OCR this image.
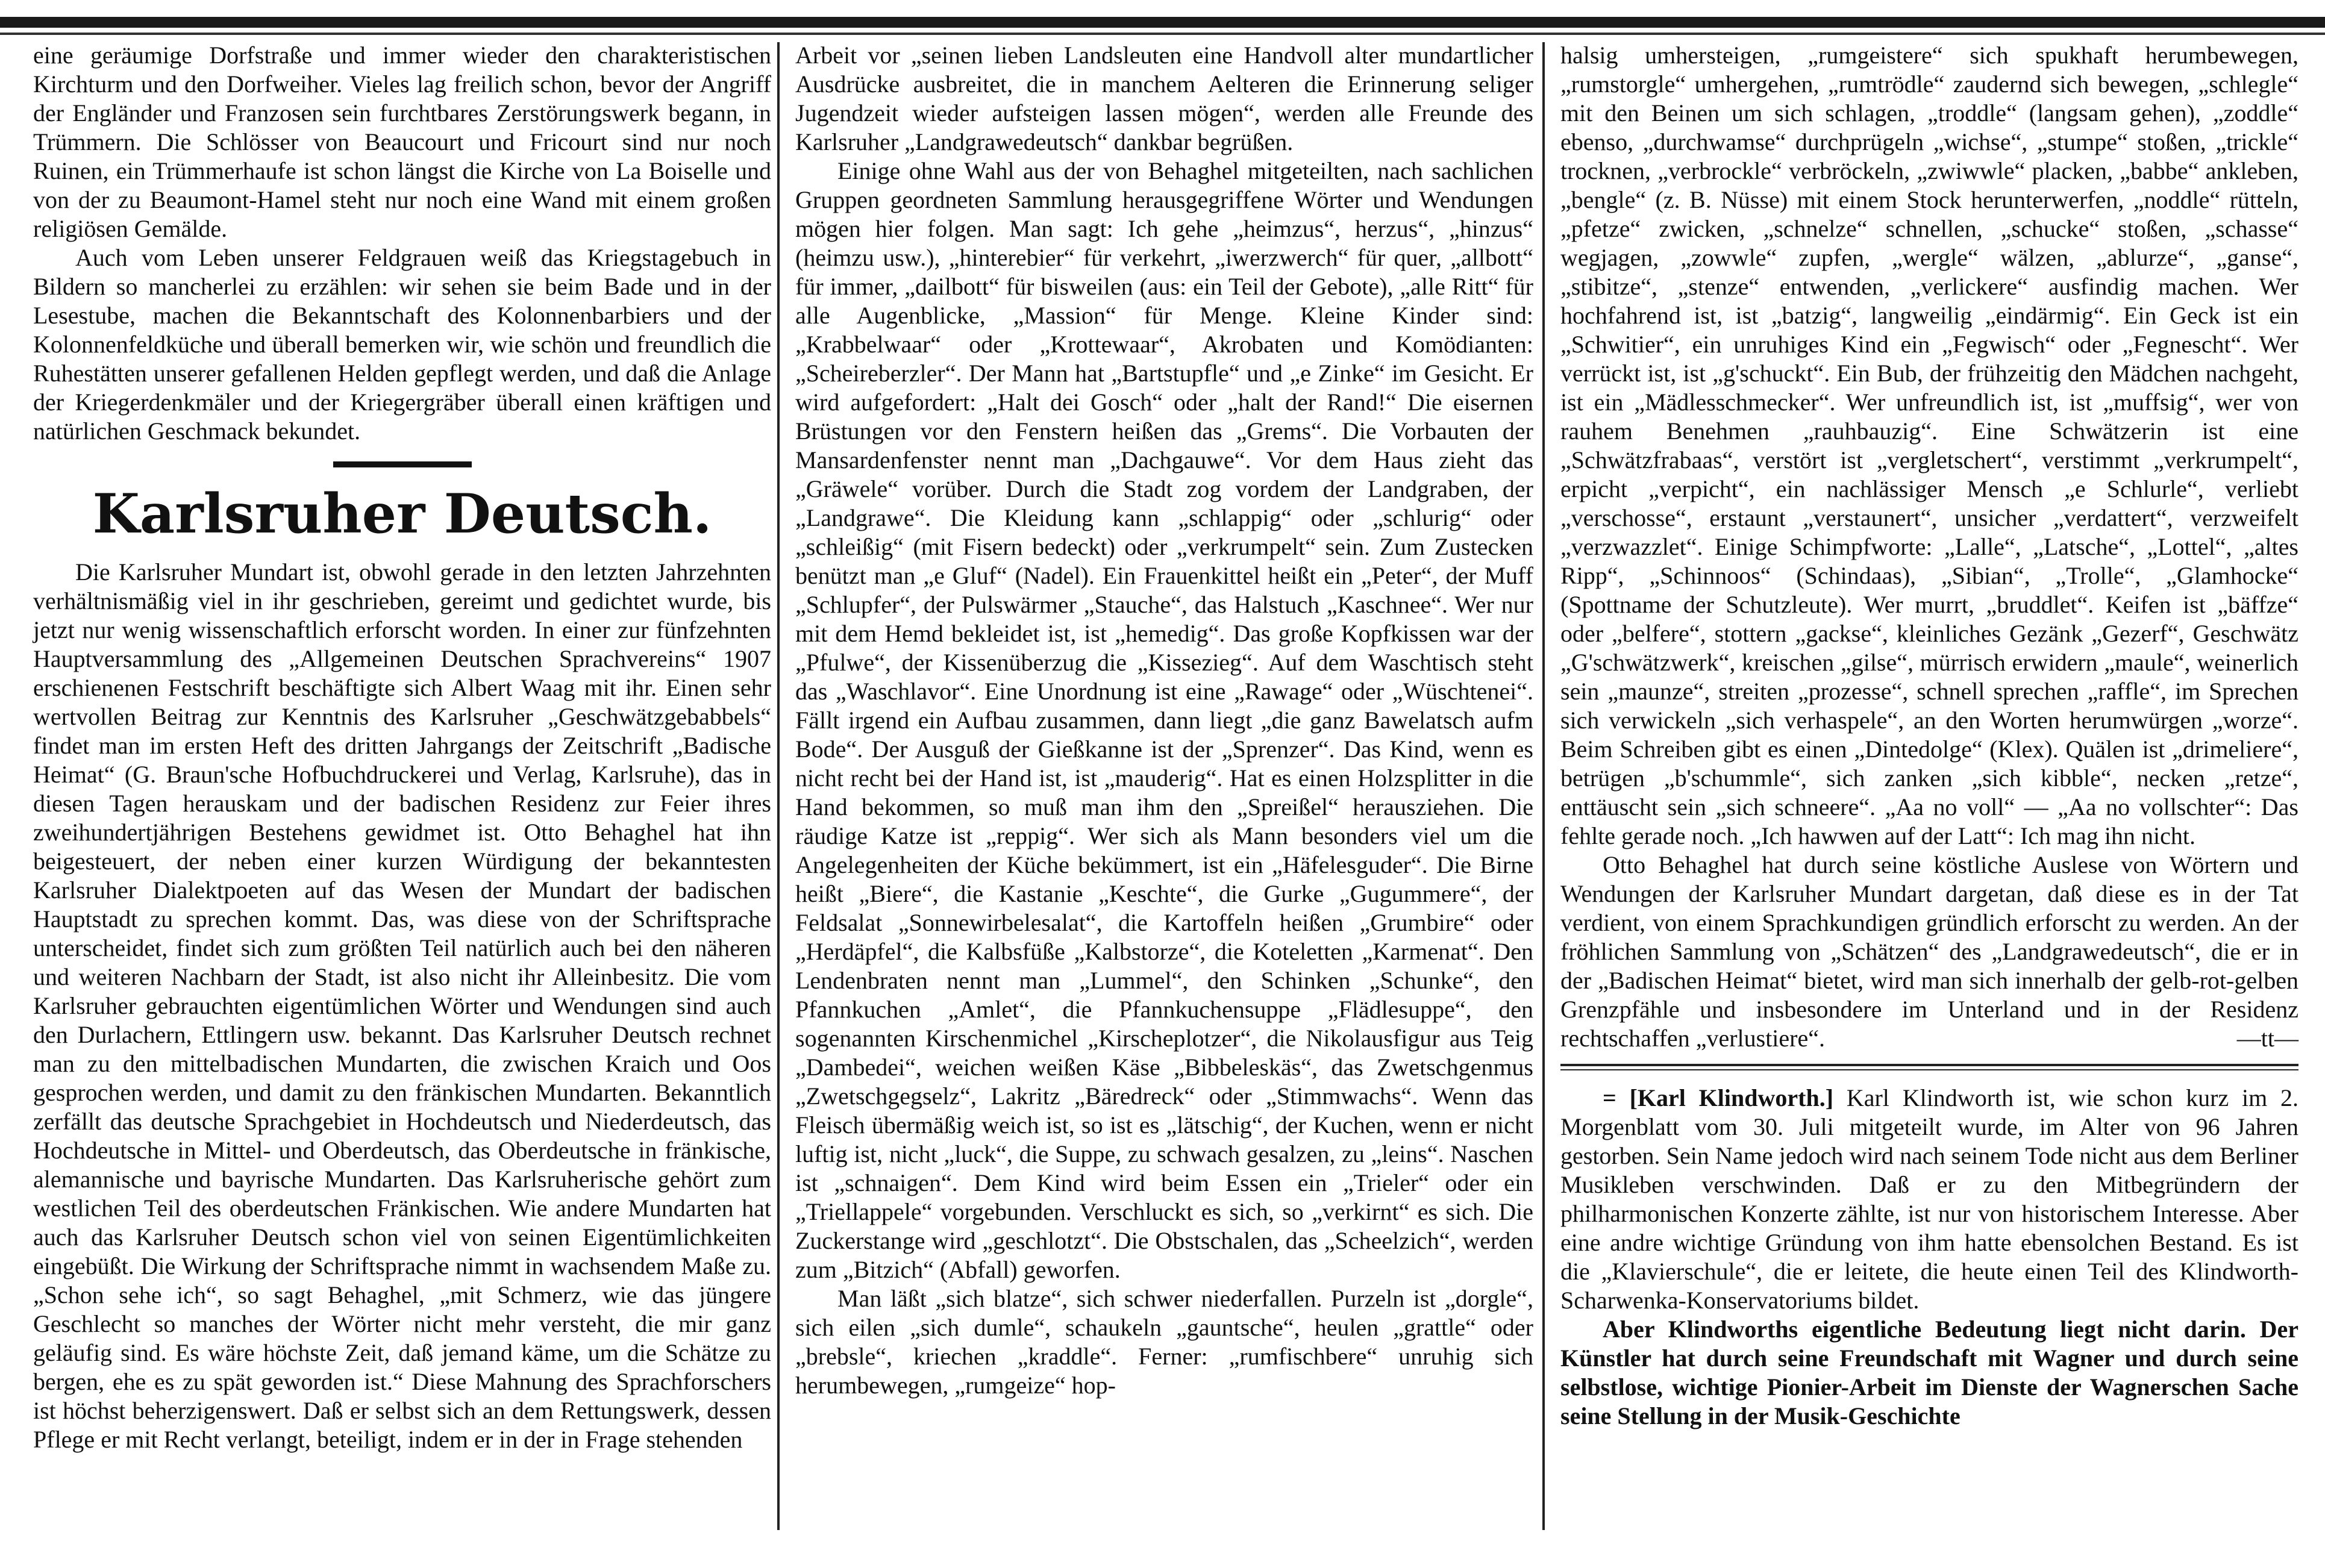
eine geräumige Dorfstraße und immer wieder den charakteristischen Kirchturm und den Dorfweiher. Vieles lag freilich schon, bevor der Angriff der Engländer und Franzosen sein furchtbares Zerstörungswerk begann, in Trümmern. Die Schlösser von Beaucourt und Fricourt sind nur noch Ruinen, ein Trümmerhaufe ist schon längst die Kirche von La Boiselle und von der zu Beaumont-Hamel steht nur noch eine Wand mit einem großen religiösen Gemälde.

Auch vom Leben unserer Feldgrauen weiß das Kriegstagebuch in Bildern so mancherlei zu erzählen: wir sehen sie beim Bade und in der Lesestube, machen die Bekanntschaft des Kolonnenbarbiers und der Kolonnenfeldküche und überall bemerken wir, wie schön und freundlich die Ruhestätten unserer gefallenen Helden gepflegt werden, und daß die Anlage der Kriegerdenkmäler und der Kriegergräber überall einen kräftigen und natürlichen Geschmack bekundet.

Karlsruher Deutsch.

Die Karlsruher Mundart ist, obwohl gerade in den letzten Jahrzehnten verhältnismäßig viel in ihr geschrieben, gereimt und gedichtet wurde, bis jetzt nur wenig wissenschaftlich erforscht worden. In einer zur fünfzehnten Hauptversammlung des „Allgemeinen Deutschen Sprachvereins“ 1907 erschienenen Festschrift beschäftigte sich Albert Waag mit ihr. Einen sehr wertvollen Beitrag zur Kenntnis des Karlsruher „Geschwätzgebabbels“ findet man im ersten Heft des dritten Jahrgangs der Zeitschrift „Badische Heimat“ (G. Braun'sche Hofbuchdruckerei und Verlag, Karlsruhe), das in diesen Tagen herauskam und der badischen Residenz zur Feier ihres zweihundertjährigen Bestehens gewidmet ist. Otto Behaghel hat ihn beigesteuert, der neben einer kurzen Würdigung der bekanntesten Karlsruher Dialektpoeten auf das Wesen der Mundart der badischen Hauptstadt zu sprechen kommt. Das, was diese von der Schriftsprache unterscheidet, findet sich zum größten Teil natürlich auch bei den näheren und weiteren Nachbarn der Stadt, ist also nicht ihr Alleinbesitz. Die vom Karlsruher gebrauchten eigentümlichen Wörter und Wendungen sind auch den Durlachern, Ettlingern usw. bekannt. Das Karlsruher Deutsch rechnet man zu den mittelbadischen Mundarten, die zwischen Kraich und Oos gesprochen werden, und damit zu den fränkischen Mundarten. Bekanntlich zerfällt das deutsche Sprachgebiet in Hochdeutsch und Niederdeutsch, das Hochdeutsche in Mittel- und Oberdeutsch, das Oberdeutsche in fränkische, alemannische und bayrische Mundarten. Das Karlsruherische gehört zum westlichen Teil des oberdeutschen Fränkischen. Wie andere Mundarten hat auch das Karlsruher Deutsch schon viel von seinen Eigentümlichkeiten eingebüßt. Die Wirkung der Schriftsprache nimmt in wachsendem Maße zu. „Schon sehe ich“, so sagt Behaghel, „mit Schmerz, wie das jüngere Geschlecht so manches der Wörter nicht mehr versteht, die mir ganz geläufig sind. Es wäre höchste Zeit, daß jemand käme, um die Schätze zu bergen, ehe es zu spät geworden ist.“ Diese Mahnung des Sprachforschers ist höchst beherzigenswert. Daß er selbst sich an dem Rettungswerk, dessen Pflege er mit Recht verlangt, beteiligt, indem er in der in Frage stehenden

Arbeit vor „seinen lieben Landsleuten eine Handvoll alter mundartlicher Ausdrücke ausbreitet, die in manchem Aelteren die Erinnerung seliger Jugendzeit wieder aufsteigen lassen mögen“, werden alle Freunde des Karlsruher „Landgrawedeutsch“ dankbar begrüßen.

Einige ohne Wahl aus der von Behaghel mitgeteilten, nach sachlichen Gruppen geordneten Sammlung herausgegriffene Wörter und Wendungen mögen hier folgen. Man sagt: Ich gehe „heimzus“, herzus“, „hinzus“ (heimzu usw.), „hinterebier“ für verkehrt, „iwerzwerch“ für quer, „allbott“ für immer, „dailbott“ für bisweilen (aus: ein Teil der Gebote), „alle Ritt“ für alle Augenblicke, „Massion“ für Menge. Kleine Kinder sind: „Krabbelwaar“ oder „Krottewaar“, Akrobaten und Komödianten: „Scheireberzler“. Der Mann hat „Bartstupfle“ und „e Zinke“ im Gesicht. Er wird aufgefordert: „Halt dei Gosch“ oder „halt der Rand!“ Die eisernen Brüstungen vor den Fenstern heißen das „Grems“. Die Vorbauten der Mansardenfenster nennt man „Dachgauwe“. Vor dem Haus zieht das „Gräwele“ vorüber. Durch die Stadt zog vordem der Landgraben, der „Landgrawe“. Die Kleidung kann „schlappig“ oder „schlurig“ oder „schleißig“ (mit Fisern bedeckt) oder „verkrumpelt“ sein. Zum Zustecken benützt man „e Gluf“ (Nadel). Ein Frauenkittel heißt ein „Peter“, der Muff „Schlupfer“, der Pulswärmer „Stauche“, das Halstuch „Kaschnee“. Wer nur mit dem Hemd bekleidet ist, ist „hemedig“. Das große Kopfkissen war der „Pfulwe“, der Kissenüberzug die „Kissezieg“. Auf dem Waschtisch steht das „Waschlavor“. Eine Unordnung ist eine „Rawage“ oder „Wüschtenei“. Fällt irgend ein Aufbau zusammen, dann liegt „die ganz Bawelatsch aufm Bode“. Der Ausguß der Gießkanne ist der „Sprenzer“. Das Kind, wenn es nicht recht bei der Hand ist, ist „mauderig“. Hat es einen Holzsplitter in die Hand bekommen, so muß man ihm den „Spreißel“ herausziehen. Die räudige Katze ist „reppig“. Wer sich als Mann besonders viel um die Angelegenheiten der Küche bekümmert, ist ein „Häfelesguder“. Die Birne heißt „Biere“, die Kastanie „Keschte“, die Gurke „Gugummere“, der Feldsalat „Sonnewirbelesalat“, die Kartoffeln heißen „Grumbire“ oder „Herdäpfel“, die Kalbsfüße „Kalbstorze“, die Koteletten „Karmenat“. Den Lendenbraten nennt man „Lummel“, den Schinken „Schunke“, den Pfannkuchen „Amlet“, die Pfannkuchensuppe „Flädlesuppe“, den sogenannten Kirschenmichel „Kirscheplotzer“, die Nikolausfigur aus Teig „Dambedei“, weichen weißen Käse „Bibbeleskäs“, das Zwetschgenmus „Zwetschgegselz“, Lakritz „Bäredreck“ oder „Stimmwachs“. Wenn das Fleisch übermäßig weich ist, so ist es „lätschig“, der Kuchen, wenn er nicht luftig ist, nicht „luck“, die Suppe, zu schwach gesalzen, zu „leins“. Naschen ist „schnaigen“. Dem Kind wird beim Essen ein „Trieler“ oder ein „Triellappele“ vorgebunden. Verschluckt es sich, so „verkirnt“ es sich. Die Zuckerstange wird „geschlotzt“. Die Obstschalen, das „Scheelzich“, werden zum „Bitzich“ (Abfall) geworfen.

Man läßt „sich blatze“, sich schwer niederfallen. Purzeln ist „dorgle“, sich eilen „sich dumle“, schaukeln „gauntsche“, heulen „grattle“ oder „brebsle“, kriechen „kraddle“. Ferner: „rumfischbere“ unruhig sich herumbewegen, „rumgeize“ hop-

halsig umhersteigen, „rumgeistere“ sich spukhaft herumbewegen, „rumstorgle“ umhergehen, „rumtrödle“ zaudernd sich bewegen, „schlegle“ mit den Beinen um sich schlagen, „troddle“ (langsam gehen), „zoddle“ ebenso, „durchwamse“ durchprügeln „wichse“, „stumpe“ stoßen, „trickle“ trocknen, „verbrockle“ verbröckeln, „zwiwwle“ placken, „babbe“ ankleben, „bengle“ (z. B. Nüsse) mit einem Stock herunterwerfen, „noddle“ rütteln, „pfetze“ zwicken, „schnelze“ schnellen, „schucke“ stoßen, „schasse“ wegjagen, „zowwle“ zupfen, „wergle“ wälzen, „ablurze“, „ganse“, „stibitze“, „stenze“ entwenden, „verlickere“ ausfindig machen. Wer hochfahrend ist, ist „batzig“, langweilig „eindärmig“. Ein Geck ist ein „Schwitier“, ein unruhiges Kind ein „Fegwisch“ oder „Fegnescht“. Wer verrückt ist, ist „g'schuckt“. Ein Bub, der frühzeitig den Mädchen nachgeht, ist ein „Mädlesschmecker“. Wer unfreundlich ist, ist „muffsig“, wer von rauhem Benehmen „rauhbauzig“. Eine Schwätzerin ist eine „Schwätzfrabaas“, verstört ist „vergletschert“, verstimmt „verkrumpelt“, erpicht „verpicht“, ein nachlässiger Mensch „e Schlurle“, verliebt „verschosse“, erstaunt „verstaunert“, unsicher „verdattert“, verzweifelt „verzwazzlet“. Einige Schimpfworte: „Lalle“, „Latsche“, „Lottel“, „altes Ripp“, „Schinnoos“ (Schindaas), „Sibian“, „Trolle“, „Glamhocke“ (Spottname der Schutzleute). Wer murrt, „bruddlet“. Keifen ist „bäffze“ oder „belfere“, stottern „gackse“, kleinliches Gezänk „Gezerf“, Geschwätz „G'schwätzwerk“, kreischen „gilse“, mürrisch erwidern „maule“, weinerlich sein „maunze“, streiten „prozesse“, schnell sprechen „raffle“, im Sprechen sich verwickeln „sich verhaspele“, an den Worten herumwürgen „worze“. Beim Schreiben gibt es einen „Dintedolge“ (Klex). Quälen ist „drimeliere“, betrügen „b'schummle“, sich zanken „sich kibble“, necken „retze“, enttäuscht sein „sich schneere“. „Aa no voll“ — „Aa no vollschter“: Das fehlte gerade noch. „Ich hawwen auf der Latt“: Ich mag ihn nicht.

Otto Behaghel hat durch seine köstliche Auslese von Wörtern und Wendungen der Karlsruher Mundart dargetan, daß diese es in der Tat verdient, von einem Sprachkundigen gründlich erforscht zu werden. An der fröhlichen Sammlung von „Schätzen“ des „Landgrawedeutsch“, die er in der „Badischen Heimat“ bietet, wird man sich innerhalb der gelb-rot-gelben Grenzpfähle und insbesondere im Unterland und in der Residenz rechtschaffen „verlustiere“.	—tt—

= [Karl Klindworth.] Karl Klindworth ist, wie schon kurz im 2. Morgenblatt vom 30. Juli mitgeteilt wurde, im Alter von 96 Jahren gestorben. Sein Name jedoch wird nach seinem Tode nicht aus dem Berliner Musikleben verschwinden. Daß er zu den Mitbegründern der philharmonischen Konzerte zählte, ist nur von historischem Interesse. Aber eine andre wichtige Gründung von ihm hatte ebensolchen Bestand. Es ist die „Klavierschule“, die er leitete, die heute einen Teil des Klindworth-Scharwenka-Konservatoriums bildet.

Aber Klindworths eigentliche Bedeutung liegt nicht darin. Der Künstler hat durch seine Freundschaft mit Wagner und durch seine selbstlose, wichtige Pionier-Arbeit im Dienste der Wagnerschen Sache seine Stellung in der Musik-Geschichte
